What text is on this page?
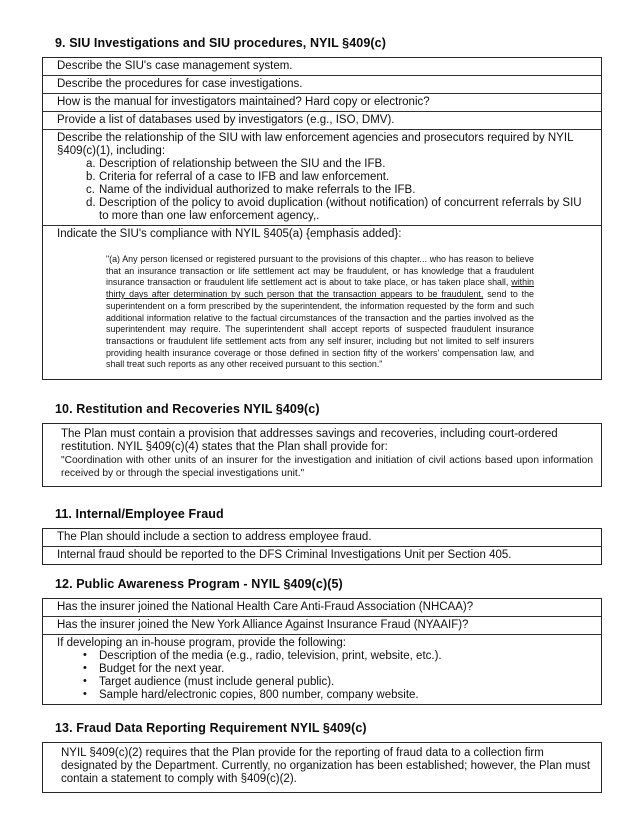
9. SIU Investigations and SIU procedures, NYIL §409(c)
Describe the SIU's case management system.
Describe the procedures for case investigations.
How is the manual for investigators maintained? Hard copy or electronic?
Provide a list of databases used by investigators (e.g., ISO, DMV).
Describe the relationship of the SIU with law enforcement agencies and prosecutors required by NYIL §409(c)(1), including:
a. Description of relationship between the SIU and the IFB.
b. Criteria for referral of a case to IFB and law enforcement.
c. Name of the individual authorized to make referrals to the IFB.
d. Description of the policy to avoid duplication (without notification) of concurrent referrals by SIU to more than one law enforcement agency,.
Indicate the SIU's compliance with NYIL §405(a) {emphasis added}:

"(a) Any person licensed or registered pursuant to the provisions of this chapter... who has reason to believe that an insurance transaction or life settlement act may be fraudulent, or has knowledge that a fraudulent insurance transaction or fraudulent life settlement act is about to take place, or has taken place shall, within thirty days after determination by such person that the transaction appears to be fraudulent, send to the superintendent on a form prescribed by the superintendent, the information requested by the form and such additional information relative to the factual circumstances of the transaction and the parties involved as the superintendent may require. The superintendent shall accept reports of suspected fraudulent insurance transactions or fraudulent life settlement acts from any self insurer, including but not limited to self insurers providing health insurance coverage or those defined in section fifty of the workers' compensation law, and shall treat such reports as any other received pursuant to this section."

10. Restitution and Recoveries NYIL §409(c)

The Plan must contain a provision that addresses savings and recoveries, including court-ordered restitution. NYIL §409(c)(4) states that the Plan shall provide for:

"Coordination with other units of an insurer for the investigation and initiation of civil actions based upon information received by or through the special investigations unit."

11. Internal/Employee Fraud
The Plan should include a section to address employee fraud.
Internal fraud should be reported to the DFS Criminal Investigations Unit per Section 405.
12. Public Awareness Program - NYIL §409(c)(5)
Has the insurer joined the National Health Care Anti-Fraud Association (NHCAA)?
Has the insurer joined the New York Alliance Against Insurance Fraud (NYAAIF)?
If developing an in-house program, provide the following:
• Description of the media (e.g., radio, television, print, website, etc.).
• Budget for the next year.
• Target audience (must include general public).
• Sample hard/electronic copies, 800 number, company website.
13. Fraud Data Reporting Requirement NYIL §409(c)

NYIL §409(c)(2) requires that the Plan provide for the reporting of fraud data to a collection firm designated by the Department. Currently, no organization has been established; however, the Plan must contain a statement to comply with §409(c)(2).
